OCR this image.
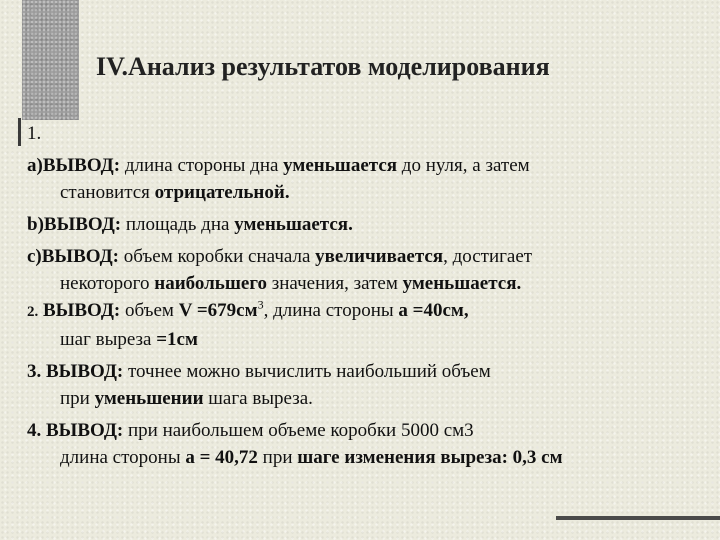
IV.Анализ результатов моделирования

1.

a)ВЫВОД: длина стороны дна уменьшается до нуля, а затем

становится отрицательной.

b)ВЫВОД: площадь дна уменьшается.

c)ВЫВОД: объем коробки сначала увеличивается, достигает

некоторого наибольшего значения, затем уменьшается.

2. ВЫВОД: объем $V =679см^3$, длина стороны а =40см,

шаг выреза =1см

3. ВЫВОД: точнее можно вычислить наибольший объем

при уменьшении шага выреза.

4. ВЫВОД: при наибольшем объеме коробки 5000 см3

длина стороны а = 40,72 при шаге изменения выреза: 0,3 см
